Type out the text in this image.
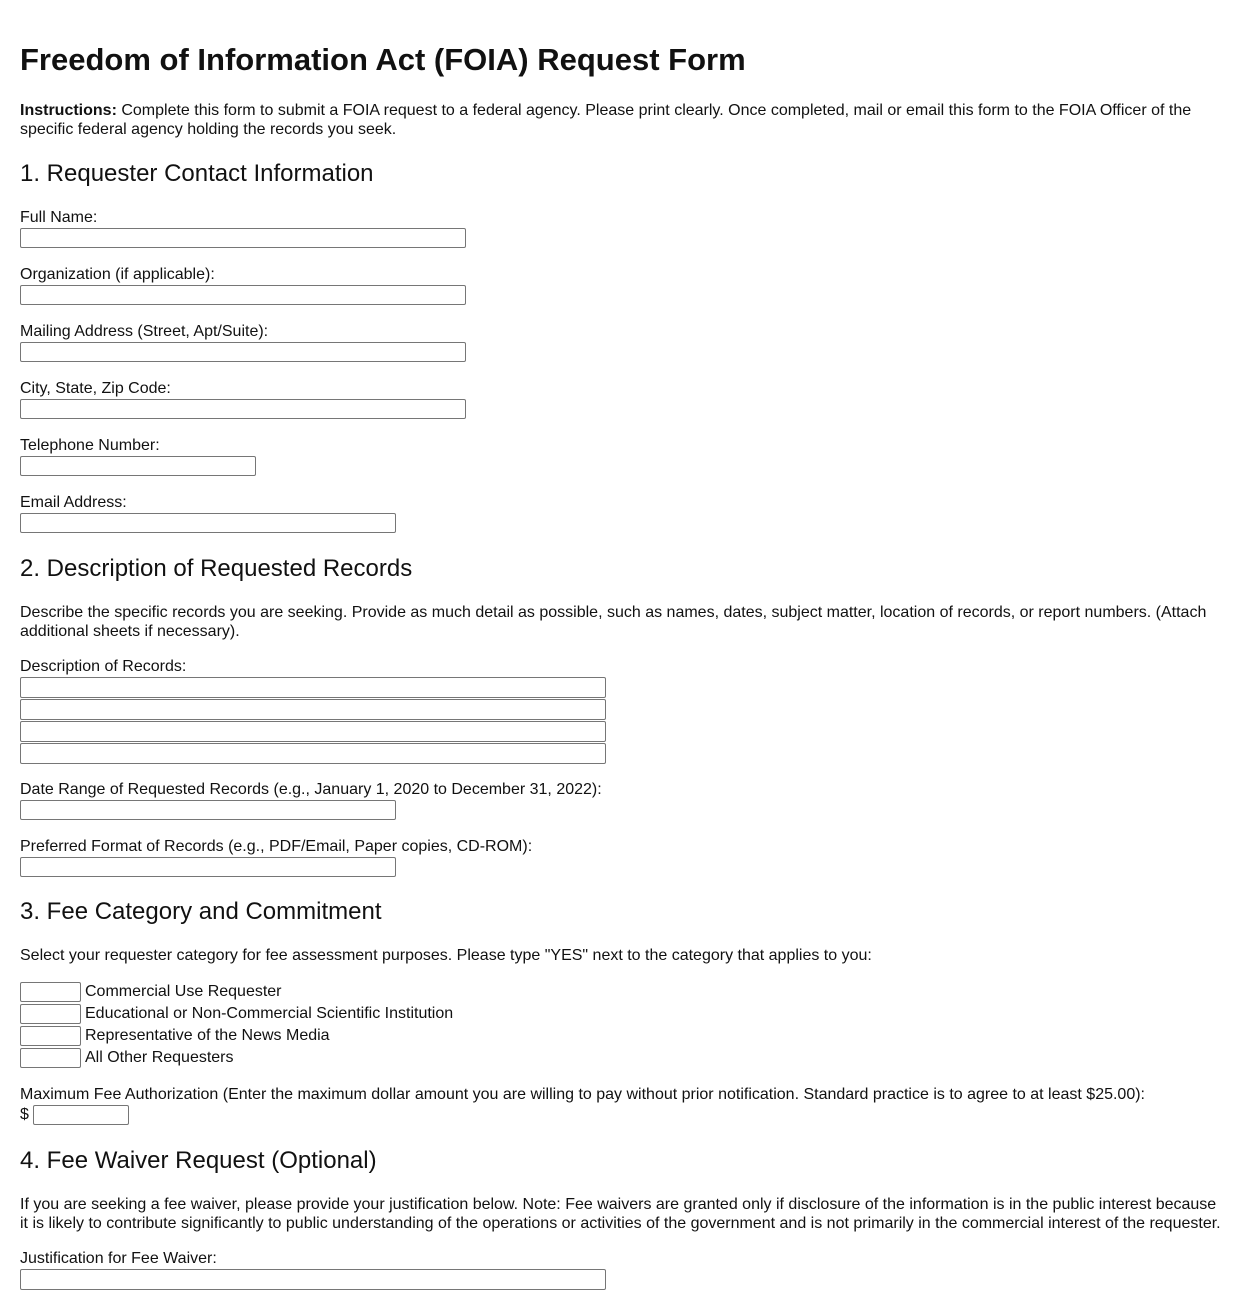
Freedom of Information Act (FOIA) Request Form

Instructions: Complete this form to submit a FOIA request to a federal agency. Please print clearly. Once completed, mail or email this form to the FOIA Officer of the specific federal agency holding the records you seek.

1. Requester Contact Information
Full Name:
Organization (if applicable):
Mailing Address (Street, Apt/Suite):
City, State, Zip Code:
Telephone Number:
Email Address:
2. Description of Requested Records

Describe the specific records you are seeking. Provide as much detail as possible, such as names, dates, subject matter, location of records, or report numbers. (Attach additional sheets if necessary).

Description of Records:
Date Range of Requested Records (e.g., January 1, 2020 to December 31, 2022):
Preferred Format of Records (e.g., PDF/Email, Paper copies, CD-ROM):
3. Fee Category and Commitment

Select your requester category for fee assessment purposes. Please type "YES" next to the category that applies to you:

Commercial Use Requester
Educational or Non-Commercial Scientific Institution
Representative of the News Media
All Other Requesters
Maximum Fee Authorization (Enter the maximum dollar amount you are willing to pay without prior notification. Standard practice is to agree to at least $25.00):
$
4. Fee Waiver Request (Optional)

If you are seeking a fee waiver, please provide your justification below. Note: Fee waivers are granted only if disclosure of the information is in the public interest because it is likely to contribute significantly to public understanding of the operations or activities of the government and is not primarily in the commercial interest of the requester.

Justification for Fee Waiver:
